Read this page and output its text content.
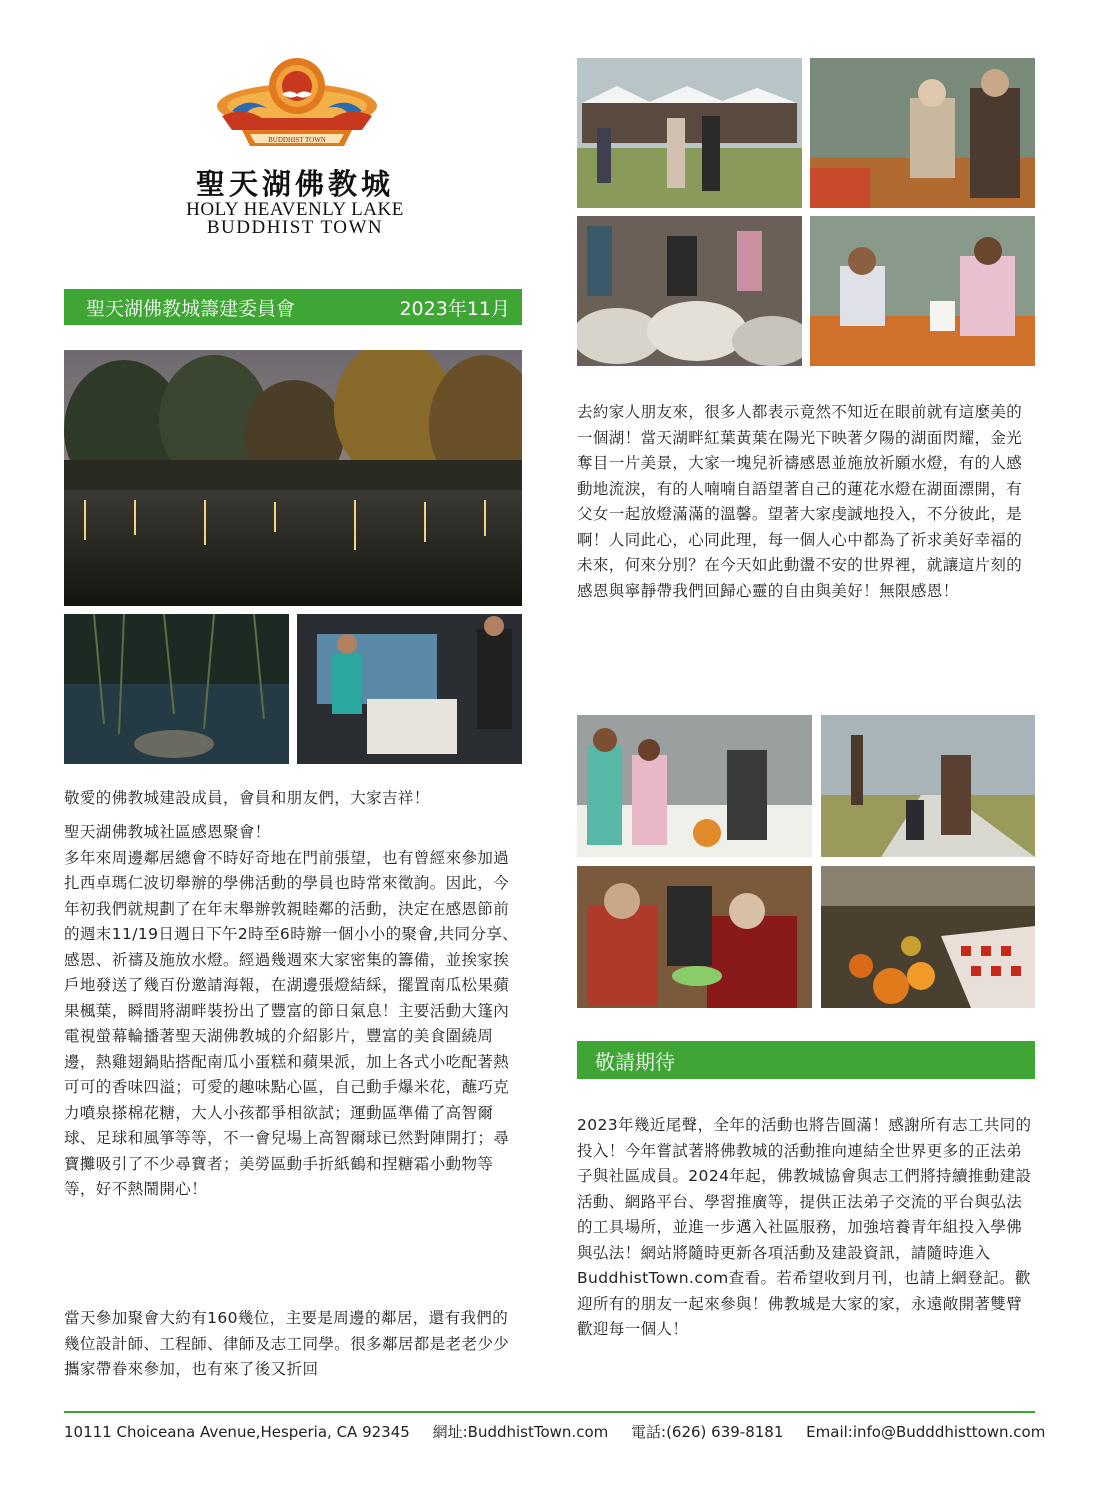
BUDDHIST TOWN
聖天湖佛教城
HOLY HEAVENLY LAKE
BUDDHIST TOWN
聖天湖佛教城籌建委員會	2023年11月
敬愛的佛教城建設成員，會員和朋友們，大家吉祥！

聖天湖佛教城社區感恩聚會！

多年來周邊鄰居總會不時好奇地在門前張望，也有曾經來參加過扎西卓瑪仁波切舉辦的學佛活動的學員也時常來徵詢。因此，今年初我們就規劃了在年末舉辦敦親睦鄰的活動，決定在感恩節前的週末11/19日週日下午2時至6時辦一個小小的聚會,共同分享、感恩、祈禱及施放水燈。經過幾週來大家密集的籌備，並挨家挨戶地發送了幾百份邀請海報，在湖邊張燈結綵，擺置南瓜松果蘋果楓葉，瞬間將湖畔裝扮出了豐富的節日氣息！主要活動大篷內電視螢幕輪播著聖天湖佛教城的介紹影片，豐富的美食圍繞周邊，熱雞翅鍋貼搭配南瓜小蛋糕和蘋果派，加上各式小吃配著熱可可的香味四溢；可愛的趣味點心區，自己動手爆米花，蘸巧克力噴泉搽棉花糖，大人小孩都爭相欲試；運動區準備了高智爾球、足球和風箏等等，不一會兒場上高智爾球已然對陣開打；尋寶攤吸引了不少尋寶者；美勞區動手折紙鶴和捏糖霜小動物等等，好不熱鬧開心！

當天參加聚會大約有160幾位，主要是周邊的鄰居，還有我們的幾位設計師、工程師、律師及志工同學。很多鄰居都是老老少少攜家帶眷來參加，也有來了後又折回
去約家人朋友來，很多人都表示竟然不知近在眼前就有這麼美的一個湖！當天湖畔紅葉黃葉在陽光下映著夕陽的湖面閃耀，金光奪目一片美景，大家一塊兒祈禱感恩並施放祈願水燈，有的人感動地流淚，有的人喃喃自語望著自己的蓮花水燈在湖面漂開，有父女一起放燈滿滿的溫馨。望著大家虔誠地投入，不分彼此，是啊！人同此心，心同此理，每一個人心中都為了祈求美好幸福的未來，何來分別？在今天如此動盪不安的世界裡，就讓這片刻的感恩與寧靜帶我們回歸心靈的自由與美好！無限感恩！
敬請期待
2023年幾近尾聲，全年的活動也將告圓滿！感謝所有志工共同的投入！今年嘗試著將佛教城的活動推向連結全世界更多的正法弟子與社區成員。2024年起，佛教城協會與志工們將持續推動建設活動、網路平台、學習推廣等，提供正法弟子交流的平台與弘法的工具場所，並進一步邁入社區服務，加強培養青年組投入學佛與弘法！網站將隨時更新各項活動及建設資訊，請隨時進入BuddhistTown.com查看。若希望收到月刊，也請上網登記。歡迎所有的朋友一起來參與！佛教城是大家的家，永遠敞開著雙臂歡迎每一個人！
10111 Choiceana Avenue,Hesperia, CA 92345 網址:BuddhistTown.com 電話:(626) 639-8181 Email:info@Budddhisttown.com
